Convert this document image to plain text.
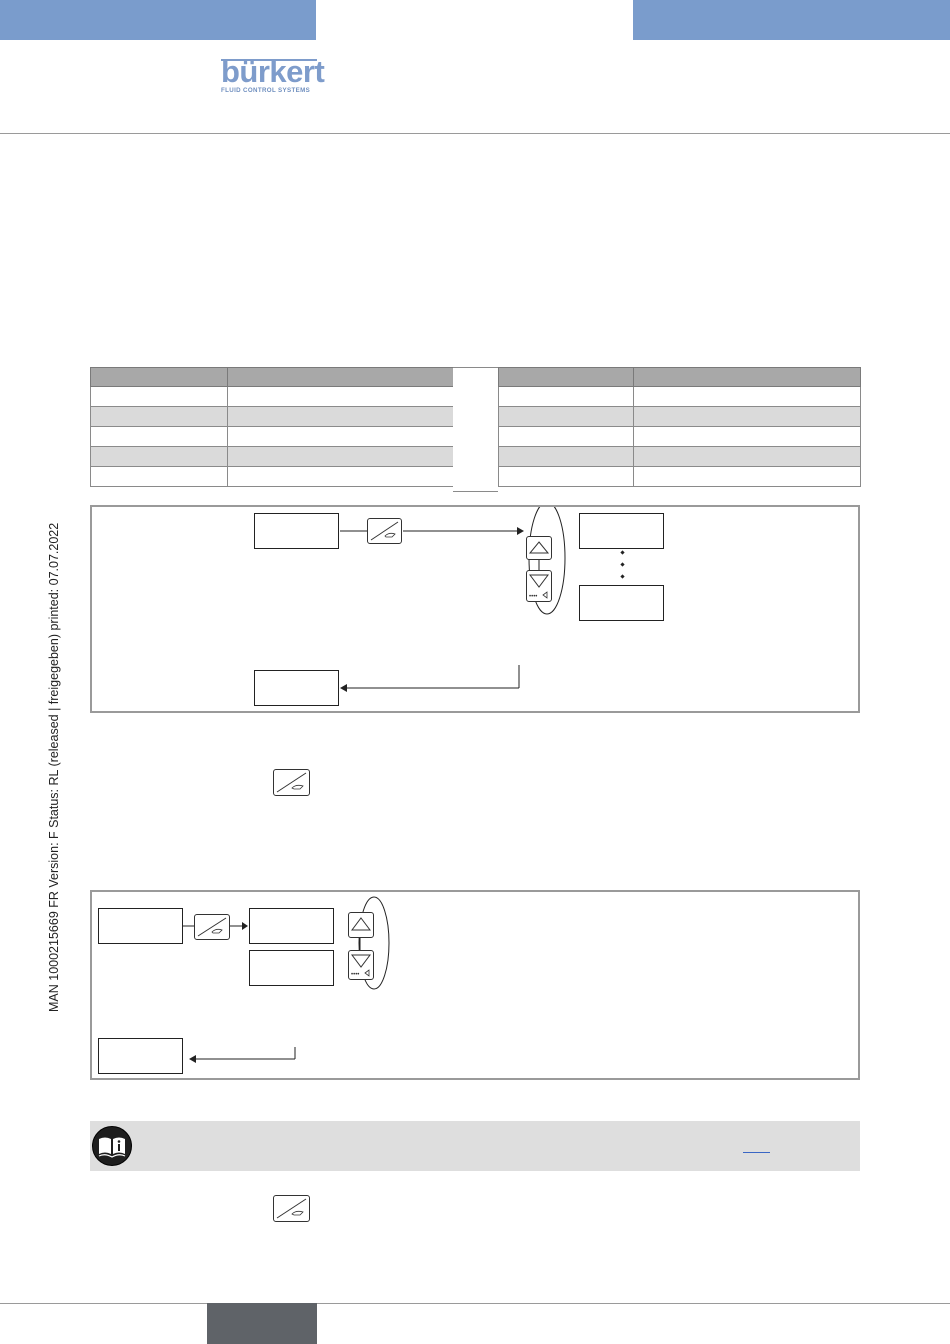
bürkert
FLUID CONTROL SYSTEMS
MAN 1000215669 FR Version: F Status: RL (released | freigegeben) printed: 07.07.2022

		••••
••••
